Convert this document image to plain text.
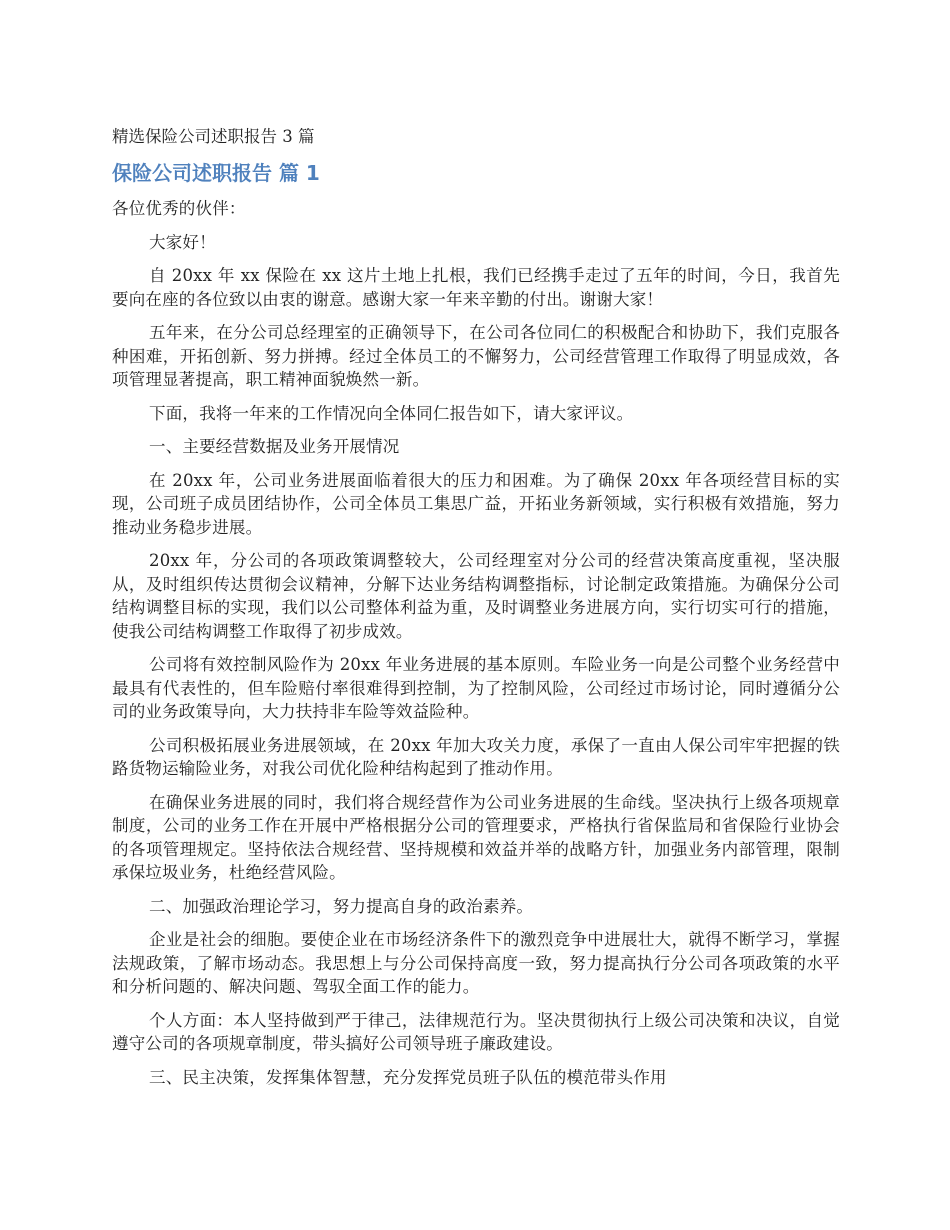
精选保险公司述职报告 3 篇
保险公司述职报告 篇 1
各位优秀的伙伴：
大家好！
自 20xx 年 xx 保险在 xx 这片土地上扎根，我们已经携手走过了五年的时间，今日，我首先要向在座的各位致以由衷的谢意。感谢大家一年来辛勤的付出。谢谢大家！
五年来，在分公司总经理室的正确领导下，在公司各位同仁的积极配合和协助下，我们克服各种困难，开拓创新、努力拼搏。经过全体员工的不懈努力，公司经营管理工作取得了明显成效，各项管理显著提高，职工精神面貌焕然一新。
下面，我将一年来的工作情况向全体同仁报告如下，请大家评议。
一、主要经营数据及业务开展情况
在 20xx 年，公司业务进展面临着很大的压力和困难。为了确保 20xx 年各项经营目标的实现，公司班子成员团结协作，公司全体员工集思广益，开拓业务新领域，实行积极有效措施，努力推动业务稳步进展。
20xx 年，分公司的各项政策调整较大，公司经理室对分公司的经营决策高度重视，坚决服从，及时组织传达贯彻会议精神，分解下达业务结构调整指标，讨论制定政策措施。为确保分公司结构调整目标的实现，我们以公司整体利益为重，及时调整业务进展方向，实行切实可行的措施，使我公司结构调整工作取得了初步成效。
公司将有效控制风险作为 20xx 年业务进展的基本原则。车险业务一向是公司整个业务经营中最具有代表性的，但车险赔付率很难得到控制，为了控制风险，公司经过市场讨论，同时遵循分公司的业务政策导向，大力扶持非车险等效益险种。
公司积极拓展业务进展领域，在 20xx 年加大攻关力度，承保了一直由人保公司牢牢把握的铁路货物运输险业务，对我公司优化险种结构起到了推动作用。
在确保业务进展的同时，我们将合规经营作为公司业务进展的生命线。坚决执行上级各项规章制度，公司的业务工作在开展中严格根据分公司的管理要求，严格执行省保监局和省保险行业协会的各项管理规定。坚持依法合规经营、坚持规模和效益并举的战略方针，加强业务内部管理，限制承保垃圾业务，杜绝经营风险。
二、加强政治理论学习，努力提高自身的政治素养。
企业是社会的细胞。要使企业在市场经济条件下的激烈竞争中进展壮大，就得不断学习，掌握法规政策，了解市场动态。我思想上与分公司保持高度一致，努力提高执行分公司各项政策的水平和分析问题的、解决问题、驾驭全面工作的能力。
个人方面：本人坚持做到严于律己，法律规范行为。坚决贯彻执行上级公司决策和决议，自觉遵守公司的各项规章制度，带头搞好公司领导班子廉政建设。
三、民主决策，发挥集体智慧，充分发挥党员班子队伍的模范带头作用
